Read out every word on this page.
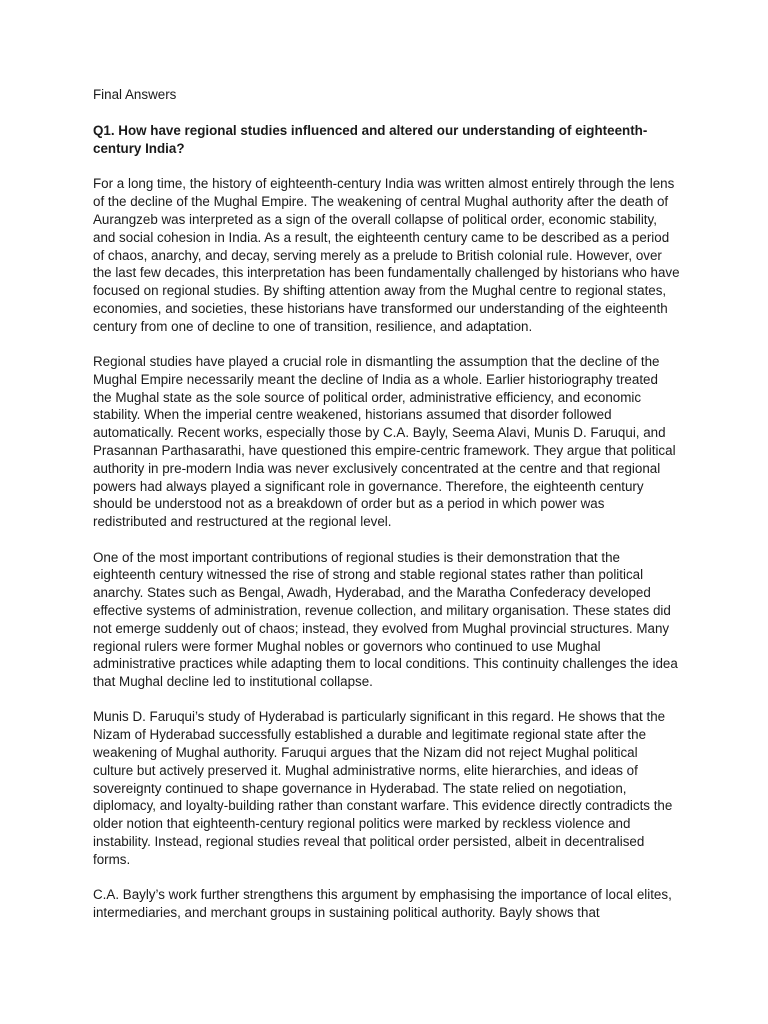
Final Answers
Q1. How have regional studies influenced and altered our understanding of eighteenth-century India?

For a long time, the history of eighteenth-century India was written almost entirely through the lens of the decline of the Mughal Empire. The weakening of central Mughal authority after the death of Aurangzeb was interpreted as a sign of the overall collapse of political order, economic stability, and social cohesion in India. As a result, the eighteenth century came to be described as a period of chaos, anarchy, and decay, serving merely as a prelude to British colonial rule. However, over the last few decades, this interpretation has been fundamentally challenged by historians who have focused on regional studies. By shifting attention away from the Mughal centre to regional states, economies, and societies, these historians have transformed our understanding of the eighteenth century from one of decline to one of transition, resilience, and adaptation.

Regional studies have played a crucial role in dismantling the assumption that the decline of the Mughal Empire necessarily meant the decline of India as a whole. Earlier historiography treated the Mughal state as the sole source of political order, administrative efficiency, and economic stability. When the imperial centre weakened, historians assumed that disorder followed automatically. Recent works, especially those by C.A. Bayly, Seema Alavi, Munis D. Faruqui, and Prasannan Parthasarathi, have questioned this empire-centric framework. They argue that political authority in pre-modern India was never exclusively concentrated at the centre and that regional powers had always played a significant role in governance. Therefore, the eighteenth century should be understood not as a breakdown of order but as a period in which power was redistributed and restructured at the regional level.

One of the most important contributions of regional studies is their demonstration that the eighteenth century witnessed the rise of strong and stable regional states rather than political anarchy. States such as Bengal, Awadh, Hyderabad, and the Maratha Confederacy developed effective systems of administration, revenue collection, and military organisation. These states did not emerge suddenly out of chaos; instead, they evolved from Mughal provincial structures. Many regional rulers were former Mughal nobles or governors who continued to use Mughal administrative practices while adapting them to local conditions. This continuity challenges the idea that Mughal decline led to institutional collapse.

Munis D. Faruqui’s study of Hyderabad is particularly significant in this regard. He shows that the Nizam of Hyderabad successfully established a durable and legitimate regional state after the weakening of Mughal authority. Faruqui argues that the Nizam did not reject Mughal political culture but actively preserved it. Mughal administrative norms, elite hierarchies, and ideas of sovereignty continued to shape governance in Hyderabad. The state relied on negotiation, diplomacy, and loyalty-building rather than constant warfare. This evidence directly contradicts the older notion that eighteenth-century regional politics were marked by reckless violence and instability. Instead, regional studies reveal that political order persisted, albeit in decentralised forms.

C.A. Bayly’s work further strengthens this argument by emphasising the importance of local elites, intermediaries, and merchant groups in sustaining political authority. Bayly shows that
